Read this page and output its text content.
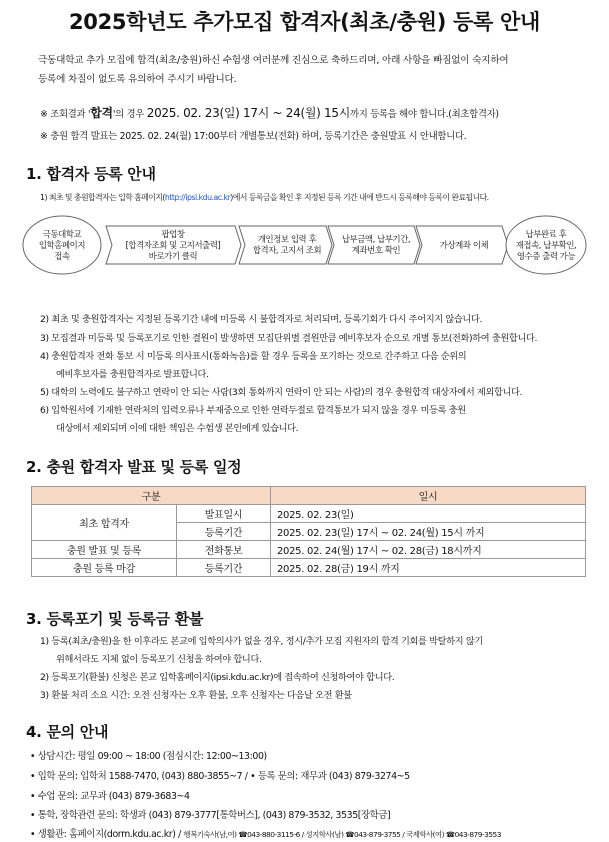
2025학년도 추가모집 합격자(최초/충원) 등록 안내
극동대학교 추가 모집에 합격(최초/충원)하신 수험생 여러분께 진심으로 축하드리며, 아래 사항을 빠짐없이 숙지하여
등록에 차질이 없도록 유의하여 주시기 바랍니다.
※ 조회결과 '합격'의 경우 2025. 02. 23(일) 17시 ~ 24(월) 15시까지 등록을 해야 합니다.(최초합격자)
※ 충원 합격 발표는 2025. 02. 24(월) 17:00부터 개별통보(전화) 하며, 등록기간은 충원발표 시 안내합니다.
1. 합격자 등록 안내
1) 최초 및 충원합격자는 입학 홈페이지(http://ipsi.kdu.ac.kr)에서 등록금을 확인 후 지정된 등록 기간 내에 반드시 등록해야 등록이 완료됩니다.
극동대학교
입학홈페이지
접속
팝업창
[합격자조회 및 고지서출력]
바로가기 클릭
개인정보 입력 후
합격자, 고지서 조회
납부금액, 납부기간,
계좌번호 확인
가상계좌 이체
납부완료 후
재접속, 납부확인,
영수증 출력 가능
2) 최초 및 충원합격자는 지정된 등록기간 내에 미등록 시 불합격자로 처리되며, 등록기회가 다시 주어지지 않습니다.
3) 모집결과 미등록 및 등록포기로 인한 결원이 발생하면 모집단위별 결원만큼 예비후보자 순으로 개별 통보(전화)하여 충원합니다.
4) 충원합격자 전화 통보 시 미등록 의사표시(통화녹음)를 할 경우 등록을 포기하는 것으로 간주하고 다음 순위의
예비후보자를 충원합격자로 발표합니다.
5) 대학의 노력에도 불구하고 연락이 안 되는 사람(3회 통화까지 연락이 안 되는 사람)의 경우 충원합격 대상자에서 제외합니다.
6) 입학원서에 기재한 연락처의 입력오류나 부재중으로 인한 연락두절로 합격통보가 되지 않을 경우 미등록 충원
대상에서 제외되며 이에 대한 책임은 수험생 본인에게 있습니다.
2. 충원 합격자 발표 및 등록 일정
구분		일시
최초 합격자	발표일시	2025. 02. 23(일)
	등록기간	2025. 02. 23(일) 17시 ~ 02. 24(월) 15시 까지
충원 발표 및 등록	전화통보	2025. 02. 24(월) 17시 ~ 02. 28(금) 18시까지
충원 등록 마감	등록기간	2025. 02. 28(금) 19시 까지
3. 등록포기 및 등록금 환불
1) 등록(최초/충원)을 한 이후라도 본교에 입학의사가 없을 경우, 정시/추가 모집 지원자의 합격 기회를 박탈하지 않기
위해서라도 지체 없이 등록포기 신청을 하여야 합니다.
2) 등록포기(환불) 신청은 본교 입학홈페이지(ipsi.kdu.ac.kr)에 접속하여 신청하여야 합니다.
3) 환불 처리 소요 시간: 오전 신청자는 오후 환불, 오후 신청자는 다음날 오전 환불
4. 문의 안내
• 상담시간: 평일 09:00 ~ 18:00 (점심시간: 12:00~13:00)
• 입학 문의: 입학처 1588-7470, (043) 880-3855~7 / • 등록 문의: 재무과 (043) 879-3274~5
• 수업 문의: 교무과 (043) 879-3683~4
• 통학, 장학관련 문의: 학생과 (043) 879-3777[통학버스], (043) 879-3532, 3535[장학금]
• 생활관: 홈페이지(dorm.kdu.ac.kr) / 행복기숙사(남,여) ☎043-880-3115-6 / 성지학사(남) ☎043-879-3755 / 국제학사(여) ☎043-879-3553
